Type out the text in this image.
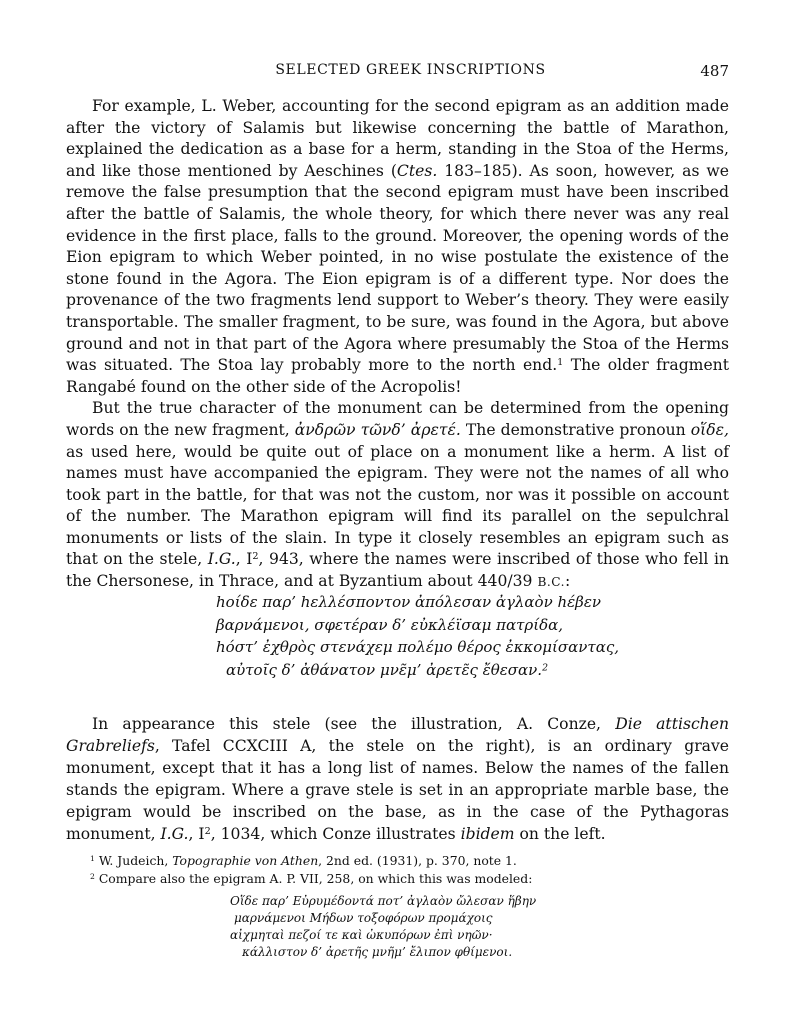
SELECTED GREEK INSCRIPTIONS	487

For example, L. Weber, accounting for the second epigram as an addition made after the victory of Salamis but likewise concerning the battle of Marathon, explained the dedication as a base for a herm, standing in the Stoa of the Herms, and like those mentioned by Aeschines (Ctes. 183–185). As soon, however, as we remove the false presumption that the second epigram must have been inscribed after the battle of Salamis, the whole theory, for which there never was any real evidence in the first place, falls to the ground. Moreover, the opening words of the Eion epigram to which Weber pointed, in no wise postulate the existence of the stone found in the Agora. The Eion epigram is of a different type. Nor does the provenance of the two fragments lend support to Weber’s theory. They were easily transportable. The smaller fragment, to be sure, was found in the Agora, but above ground and not in that part of the Agora where presumably the Stoa of the Herms was situated. The Stoa lay probably more to the north end.$^1$ The older fragment Rangabé found on the other side of the Acropolis!

But the true character of the monument can be determined from the opening words on the new fragment, ἀνδρῶν τῶνδ’ ἀρετέ. The demonstrative pronoun οἵδε, as used here, would be quite out of place on a monument like a herm. A list of names must have accompanied the epigram. They were not the names of all who took part in the battle, for that was not the custom, nor was it possible on account of the number. The Marathon epigram will find its parallel on the sepulchral monuments or lists of the slain. In type it closely resembles an epigram such as that on the stele, I.G., $I^2$, 943, where the names were inscribed of those who fell in the Chersonese, in Thrace, and at Byzantium about 440/39 B.C.:

hοίδε παρ’ hελλέσποντον ἀπόλεσαν ἀγλαὸν hέβεν
βαρνάμενοι, σφετέραν δ’ εὐκλέϊσαμ πατρίδα,
hόστ’ ἐχθρὸς στενάχεμ πολέμο θέρος ἐκκομίσαντας,
αὐτοῖς δ’ ἀθάνατον μνε̃μ’ ἀρετε̃ς ἔθεσαν.$^2$

In appearance this stele (see the illustration, A. Conze, Die attischen Grabreliefs, Tafel CCXCIII A, the stele on the right), is an ordinary grave monument, except that it has a long list of names. Below the names of the fallen stands the epigram. Where a grave stele is set in an appropriate marble base, the epigram would be inscribed on the base, as in the case of the Pythagoras monument, I.G., $I^2$, 1034, which Conze illustrates ibidem on the left.

$^1$ W. Judeich, Topographie von Athen, 2nd ed. (1931), p. 370, note 1.
$^2$ Compare also the epigram A. P. VII, 258, on which this was modeled:
Οἵδε παρ’ Εὐρυμέδοντά ποτ’ ἀγλαὸν ὤλεσαν ἥβην
μαρνάμενοι Μήδων τοξοφόρων προμάχοις
αἰχμηταὶ πεζοί τε καὶ ὠκυπόρων ἐπὶ νηῶν·
κάλλιστον δ’ ἀρετῆς μνῆμ’ ἔλιπον φθίμενοι.
